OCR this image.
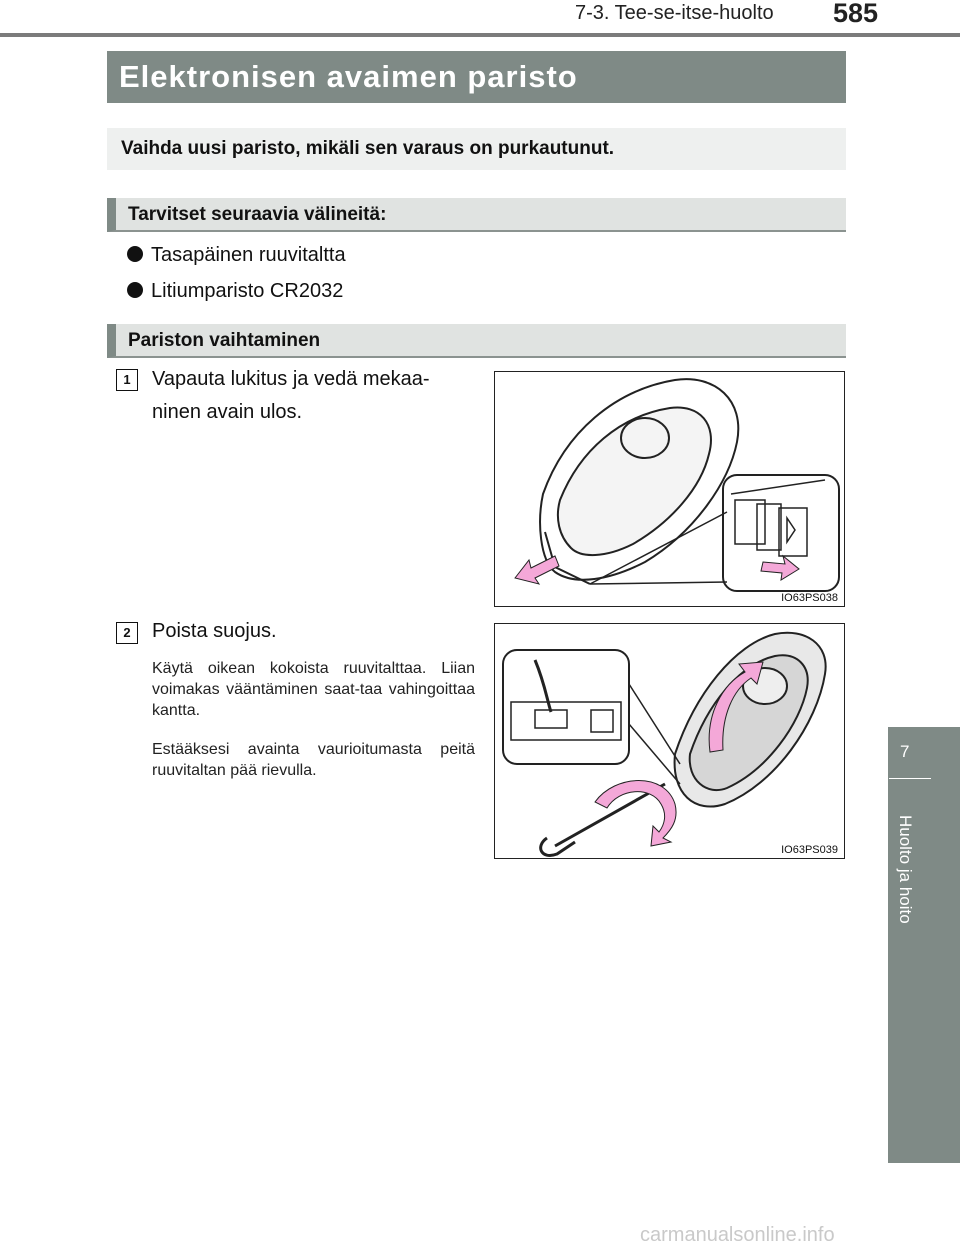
7-3. Tee-se-itse-huolto 585
Elektronisen avaimen paristo
Vaihda uusi paristo, mikäli sen varaus on purkautunut.
Tarvitset seuraavia välineitä:
Tasapäinen ruuvitaltta
Litiumparisto CR2032
Pariston vaihtaminen
1	Vapauta lukitus ja vedä mekaa-
ninen avain ulos.
IO63PS038
2	Poista suojus.
Käytä oikean kokoista ruuvitalttaa. Liian voimakas vääntäminen saat-taa vahingoittaa kantta.
Estääksesi avainta vaurioitumasta peitä ruuvitaltan pää rievulla.
IO63PS039
7
Huolto ja hoito
carmanualsonline.info
